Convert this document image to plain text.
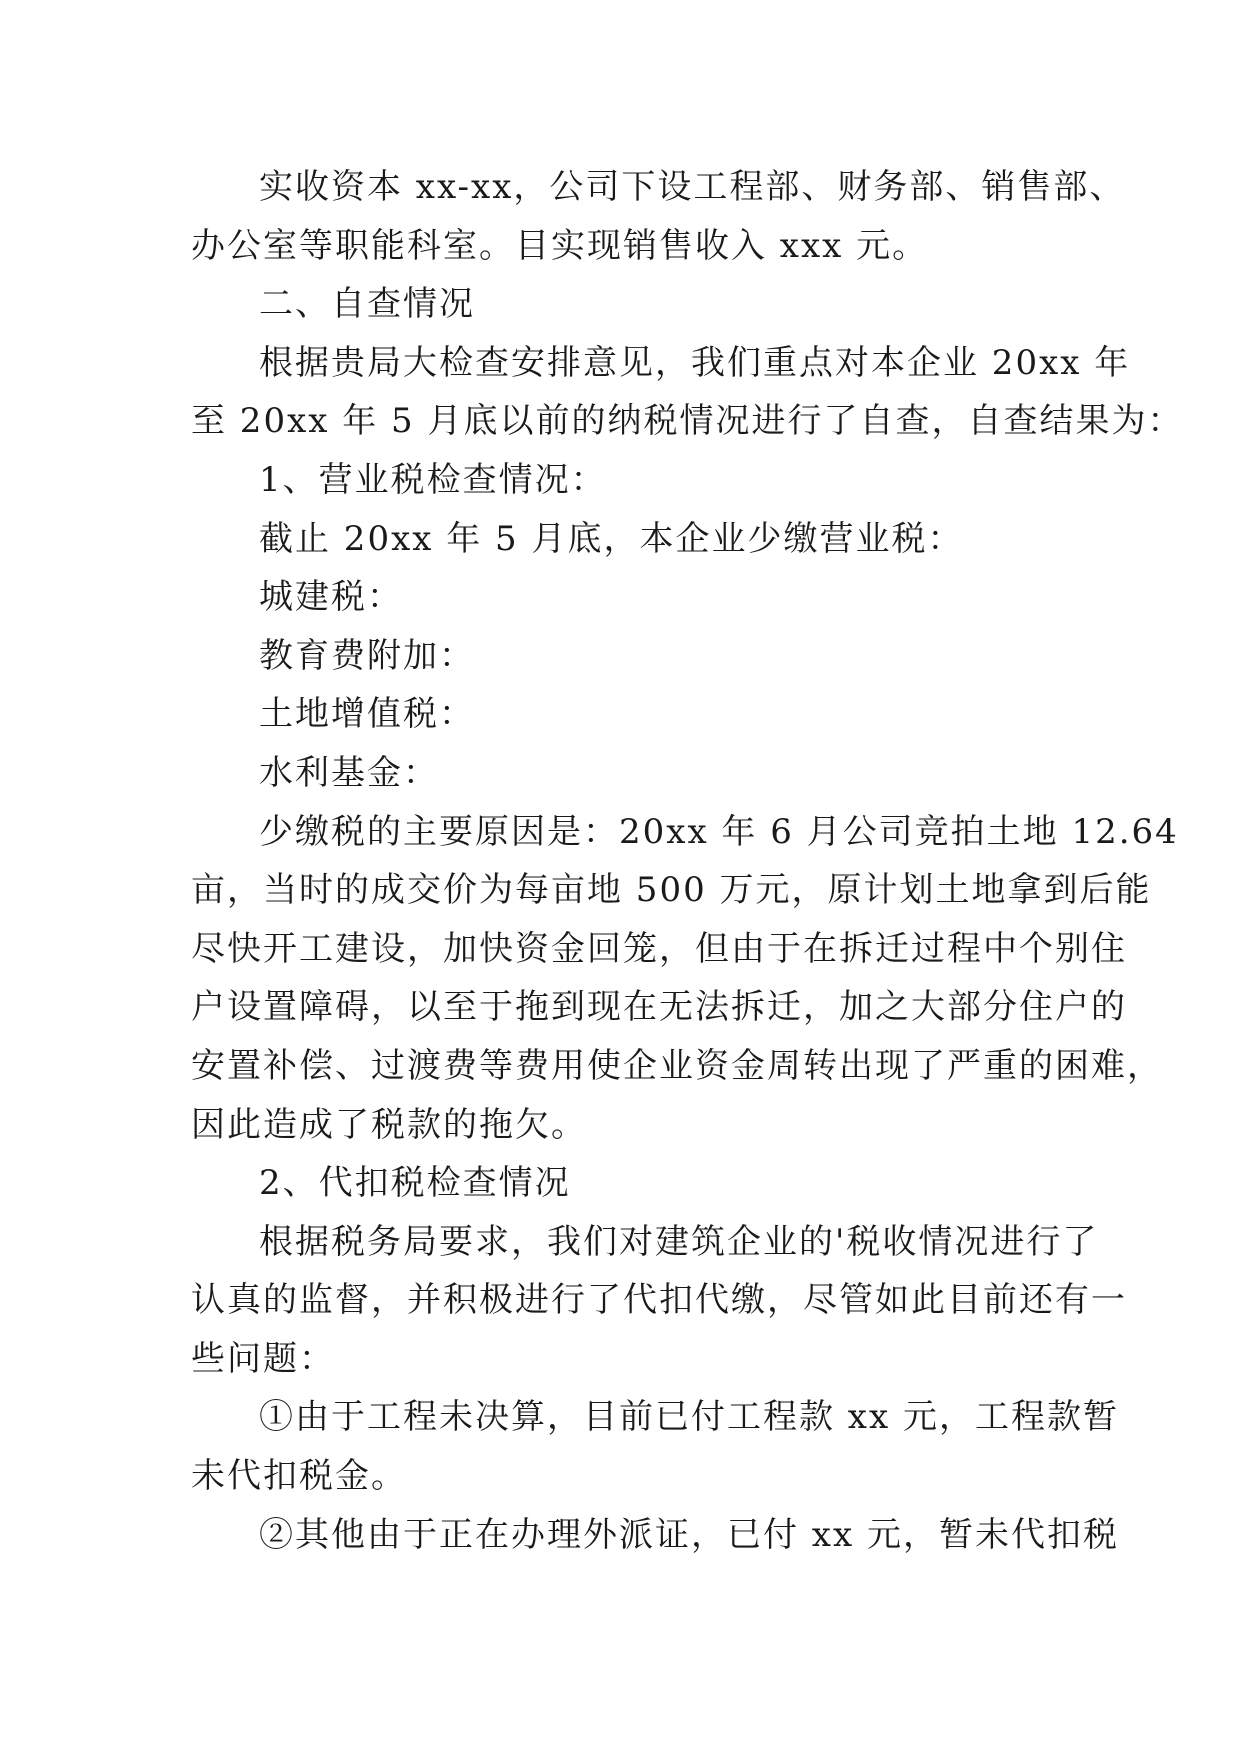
实收资本 xx-xx，公司下设工程部、财务部、销售部、
办公室等职能科室。目实现销售收入 xxx 元。
二、自查情况
根据贵局大检查安排意见，我们重点对本企业 20xx 年
至 20xx 年 5 月底以前的纳税情况进行了自查，自查结果为：
1、营业税检查情况：
截止 20xx 年 5 月底，本企业少缴营业税：
城建税：
教育费附加：
土地增值税：
水利基金：
少缴税的主要原因是：20xx 年 6 月公司竞拍土地 12.64
亩，当时的成交价为每亩地 500 万元，原计划土地拿到后能
尽快开工建设，加快资金回笼，但由于在拆迁过程中个别住
户设置障碍，以至于拖到现在无法拆迁，加之大部分住户的
安置补偿、过渡费等费用使企业资金周转出现了严重的困难，
因此造成了税款的拖欠。
2、代扣税检查情况
根据税务局要求，我们对建筑企业的'税收情况进行了
认真的监督，并积极进行了代扣代缴，尽管如此目前还有一
些问题：
①由于工程未决算，目前已付工程款 xx 元，工程款暂
未代扣税金。
②其他由于正在办理外派证，已付 xx 元，暂未代扣税
